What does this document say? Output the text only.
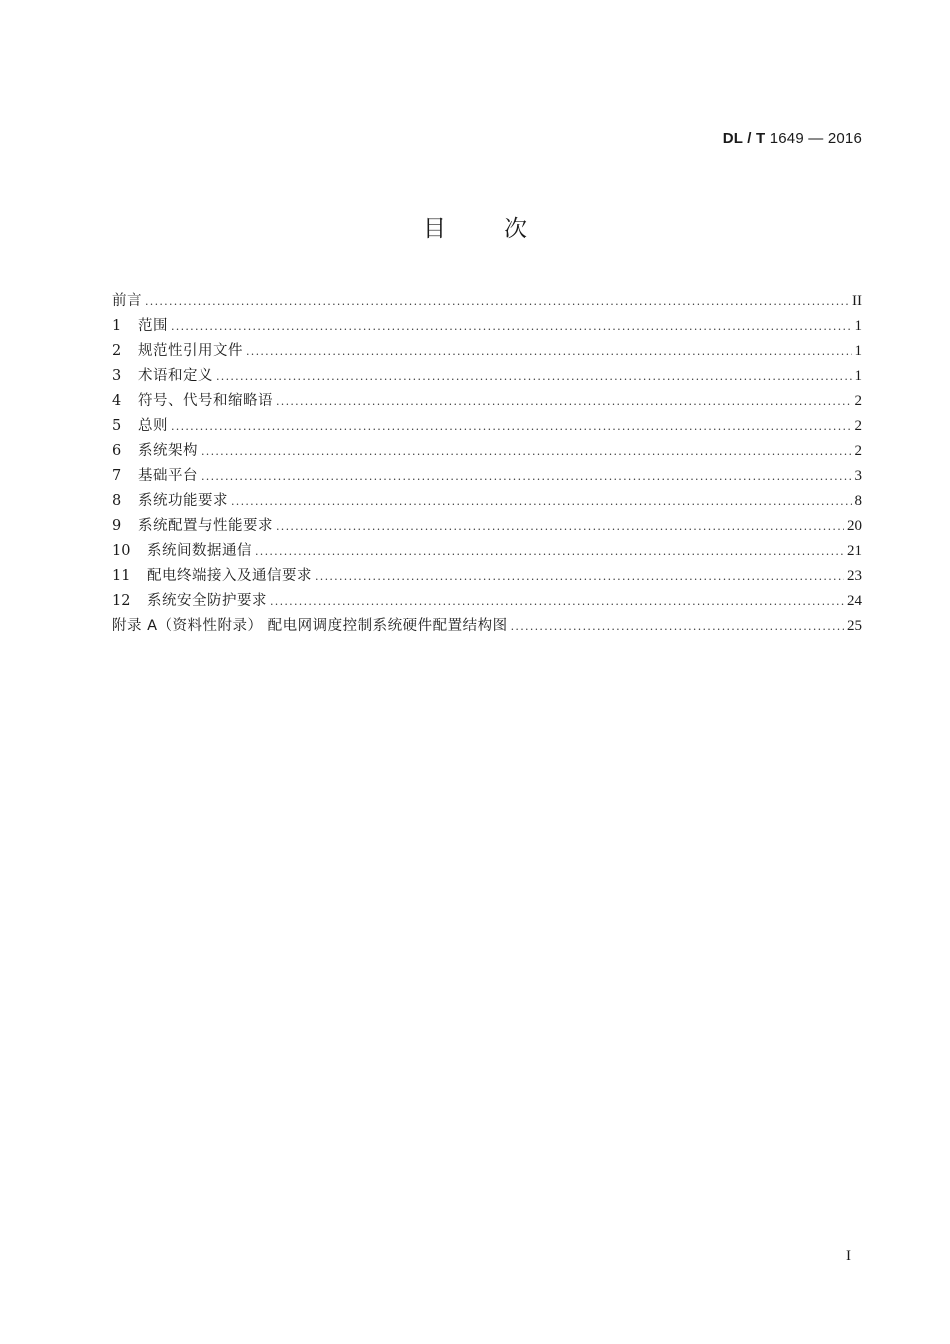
DL / T 1649 — 2016
目次
前言 .....	II
1	范围 .....	1
2	规范性引用文件 .....	1
3	术语和定义 .....	1
4	符号、代号和缩略语 .....	2
5	总则 .....	2
6	系统架构 .....	2
7	基础平台 .....	3
8	系统功能要求 .....	8
9	系统配置与性能要求 .....	20
10	系统间数据通信 .....	21
11	配电终端接入及通信要求 .....	23
12	系统安全防护要求 .....	24
附录 A（资料性附录） 配电网调度控制系统硬件配置结构图 .....	25
I
